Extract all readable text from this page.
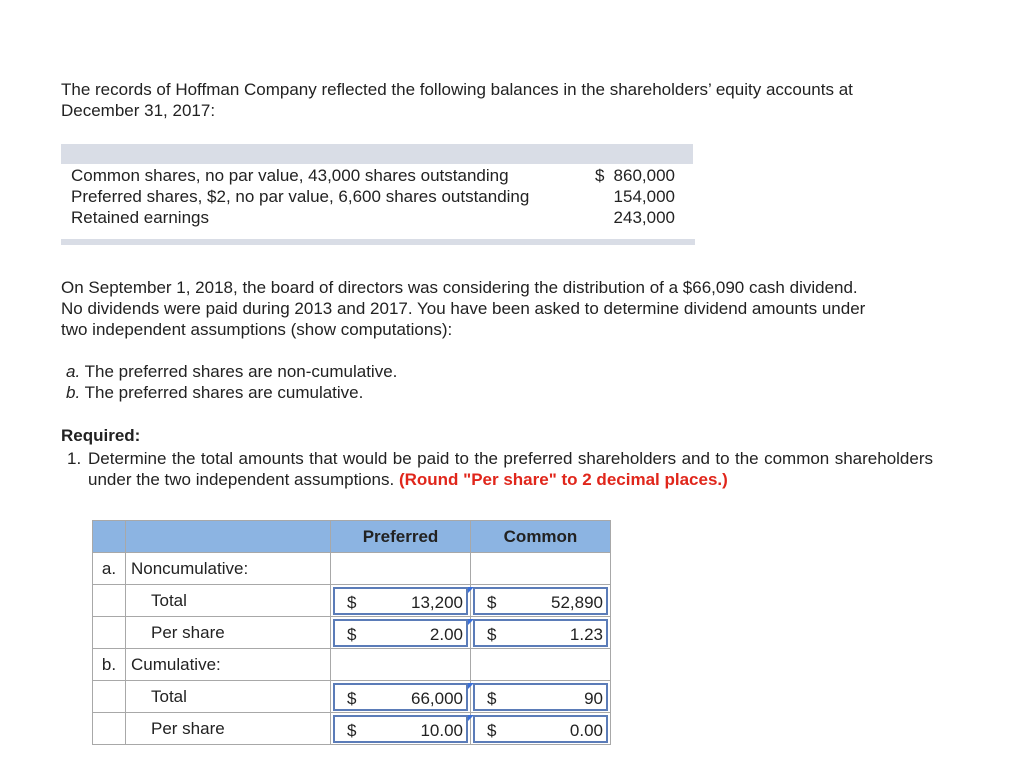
The records of Hoffman Company reflected the following balances in the shareholders’ equity accounts at

December 31, 2017:

Common shares, no par value, 43,000 shares outstanding	$ 860,000
Preferred shares, $2, no par value, 6,600 shares outstanding	154,000
Retained earnings	243,000

On September 1, 2018, the board of directors was considering the distribution of a $66,090 cash dividend.

No dividends were paid during 2013 and 2017. You have been asked to determine dividend amounts under

two independent assumptions (show computations):

a. The preferred shares are non-cumulative.
b. The preferred shares are cumulative.
Required:
1. Determine the total amounts that would be paid to the preferred shareholders and to the common shareholders under the two independent assumptions. (Round "Per share" to 2 decimal places.)
		Preferred	Common
a.	Noncumulative:		
	Total	$ 13,200	$ 52,890

	Per share	$ 2.00	$ 1.23

b.	Cumulative:		
	Total	$ 66,000	$ 90

	Per share	$ 10.00	$ 0.00
